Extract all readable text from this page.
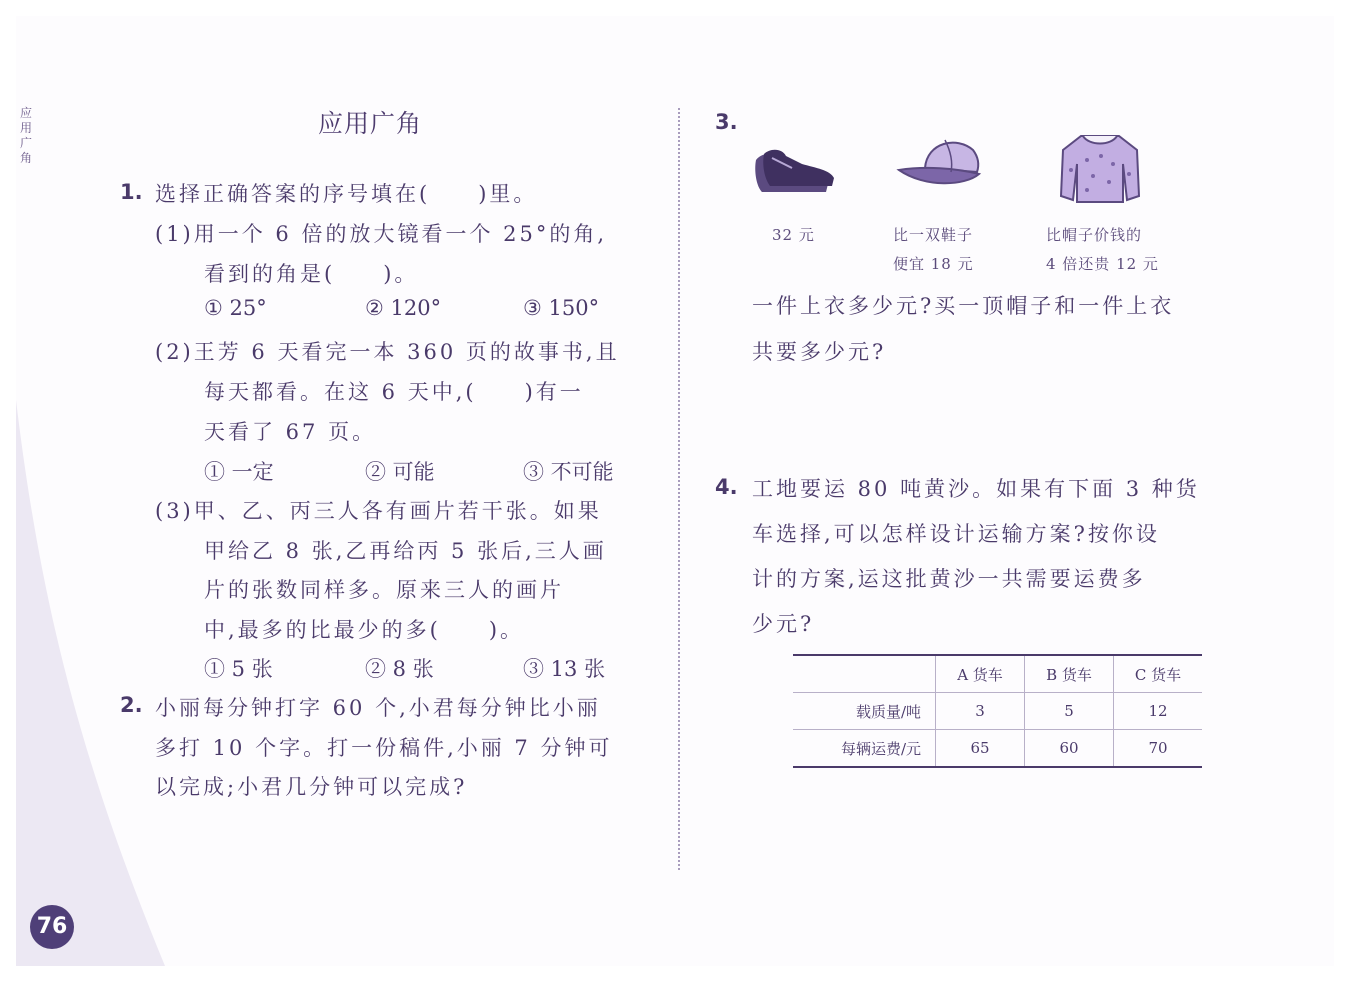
应用广角
应用广角
1. 选择正确答案的序号填在(　　)里。
(1)用一个 6 倍的放大镜看一个 25°的角,
看到的角是(　　)。
① 25°	② 120°	③ 150°
(2)王芳 6 天看完一本 360 页的故事书,且
每天都看。在这 6 天中,(　　)有一
天看了 67 页。
① 一定	② 可能	③ 不可能
(3)甲、乙、丙三人各有画片若干张。如果
甲给乙 8 张,乙再给丙 5 张后,三人画
片的张数同样多。原来三人的画片
中,最多的比最少的多(　　)。
① 5 张	② 8 张	③ 13 张
2. 小丽每分钟打字 60 个,小君每分钟比小丽
多打 10 个字。打一份稿件,小丽 7 分钟可
以完成;小君几分钟可以完成?
76
3.
32 元	比一双鞋子
便宜 18 元
比帽子价钱的
4 倍还贵 12 元
一件上衣多少元?买一顶帽子和一件上衣
共要多少元?
4. 工地要运 80 吨黄沙。如果有下面 3 种货
车选择,可以怎样设计运输方案?按你设
计的方案,运这批黄沙一共需要运费多
少元?
	A 货车	B 货车	C 货车
载质量/吨	3	5	12
每辆运费/元	65	60	70
